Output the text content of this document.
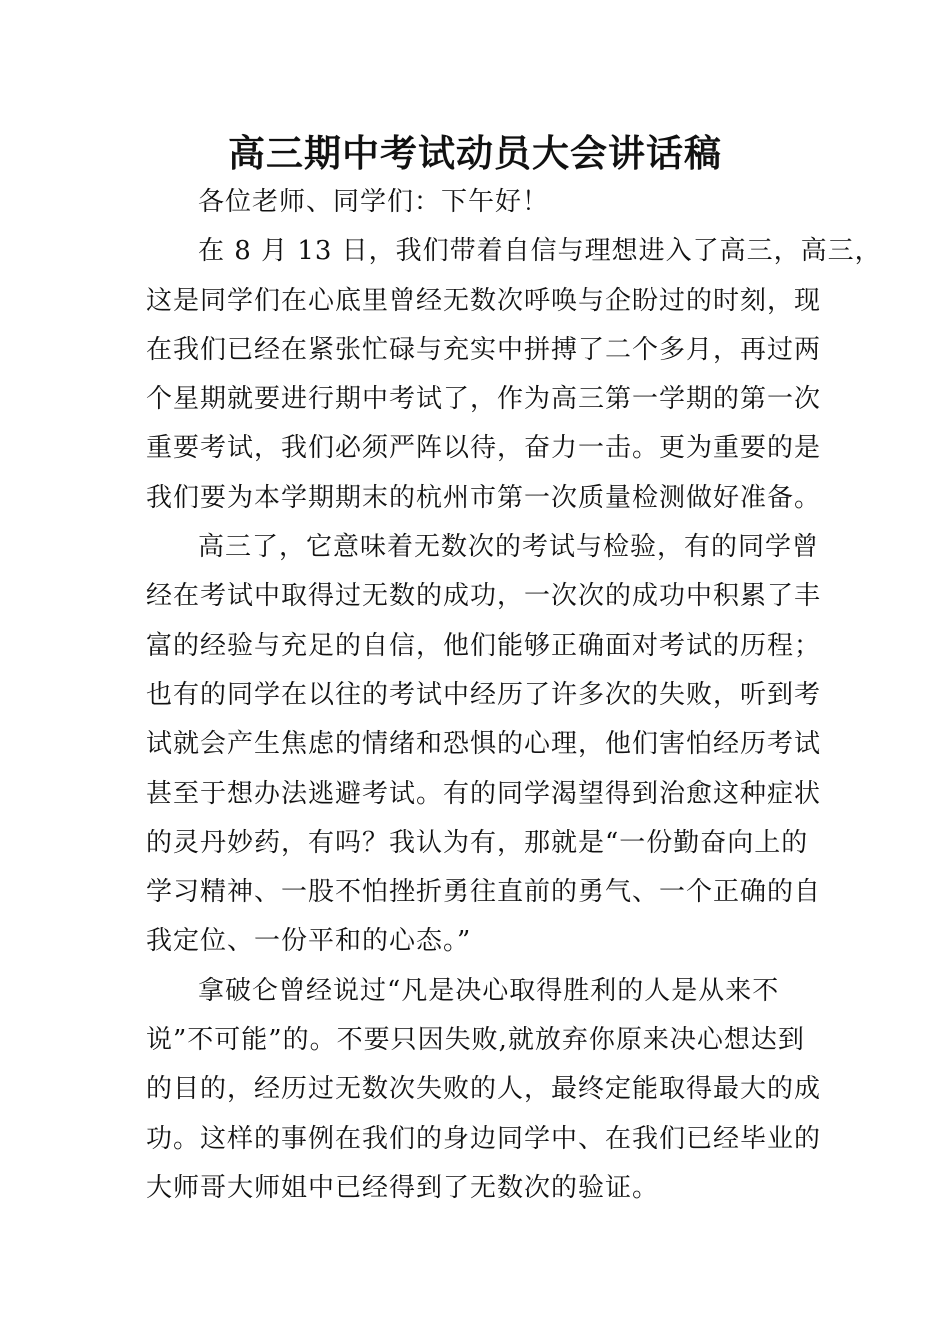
高三期中考试动员大会讲话稿
各位老师、同学们：下午好！
在 8 月 13 日，我们带着自信与理想进入了高三，高三，
这是同学们在心底里曾经无数次呼唤与企盼过的时刻，现
在我们已经在紧张忙碌与充实中拼搏了二个多月，再过两
个星期就要进行期中考试了，作为高三第一学期的第一次
重要考试，我们必须严阵以待，奋力一击。更为重要的是
我们要为本学期期末的杭州市第一次质量检测做好准备。
高三了，它意味着无数次的考试与检验，有的同学曾
经在考试中取得过无数的成功，一次次的成功中积累了丰
富的经验与充足的自信，他们能够正确面对考试的历程；
也有的同学在以往的考试中经历了许多次的失败，听到考
试就会产生焦虑的情绪和恐惧的心理，他们害怕经历考试
甚至于想办法逃避考试。有的同学渴望得到治愈这种症状
的灵丹妙药，有吗？我认为有，那就是“一份勤奋向上的
学习精神、一股不怕挫折勇往直前的勇气、一个正确的自
我定位、一份平和的心态。”
拿破仑曾经说过“凡是决心取得胜利的人是从来不
说”不可能”的。不要只因失败,就放弃你原来决心想达到
的目的，经历过无数次失败的人，最终定能取得最大的成
功。这样的事例在我们的身边同学中、在我们已经毕业的
大师哥大师姐中已经得到了无数次的验证。
